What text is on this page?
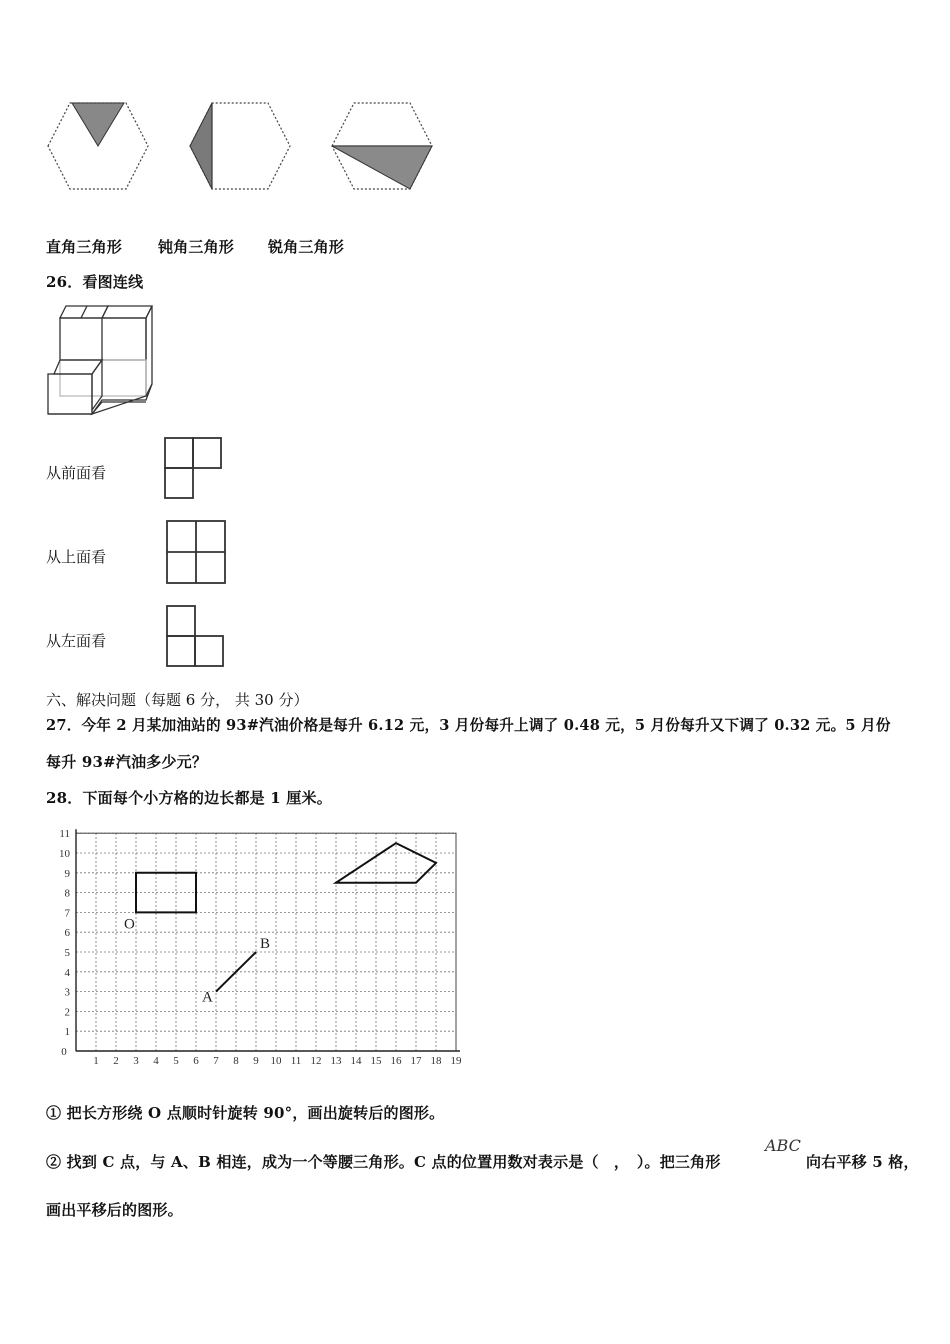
直角三角形 钝角三角形 锐角三角形
26．看图连线
从前面看
从上面看
从左面看
六、解决问题（每题 6 分， 共 30 分）
27．今年 2 月某加油站的 93#汽油价格是每升 6.12 元，3 月份每升上调了 0.48 元，5 月份每升又下调了 0.32 元。5 月份
每升 93#汽油多少元？
28．下面每个小方格的边长都是 1 厘米。
0
1 2 3 4 5 6 7 8 9 10 11 12 13 14 15 16 17 18 19
1
2
3
4
5
6
7
8
9
10
11
O
A
B
① 把长方形绕 O 点顺时针旋转 90°，画出旋转后的图形。
② 找到 C 点，与 A、B 相连，成为一个等腰三角形。C 点的位置用数对表示是（　，　）。把三角形
ABC
向右平移 5 格，
画出平移后的图形。
